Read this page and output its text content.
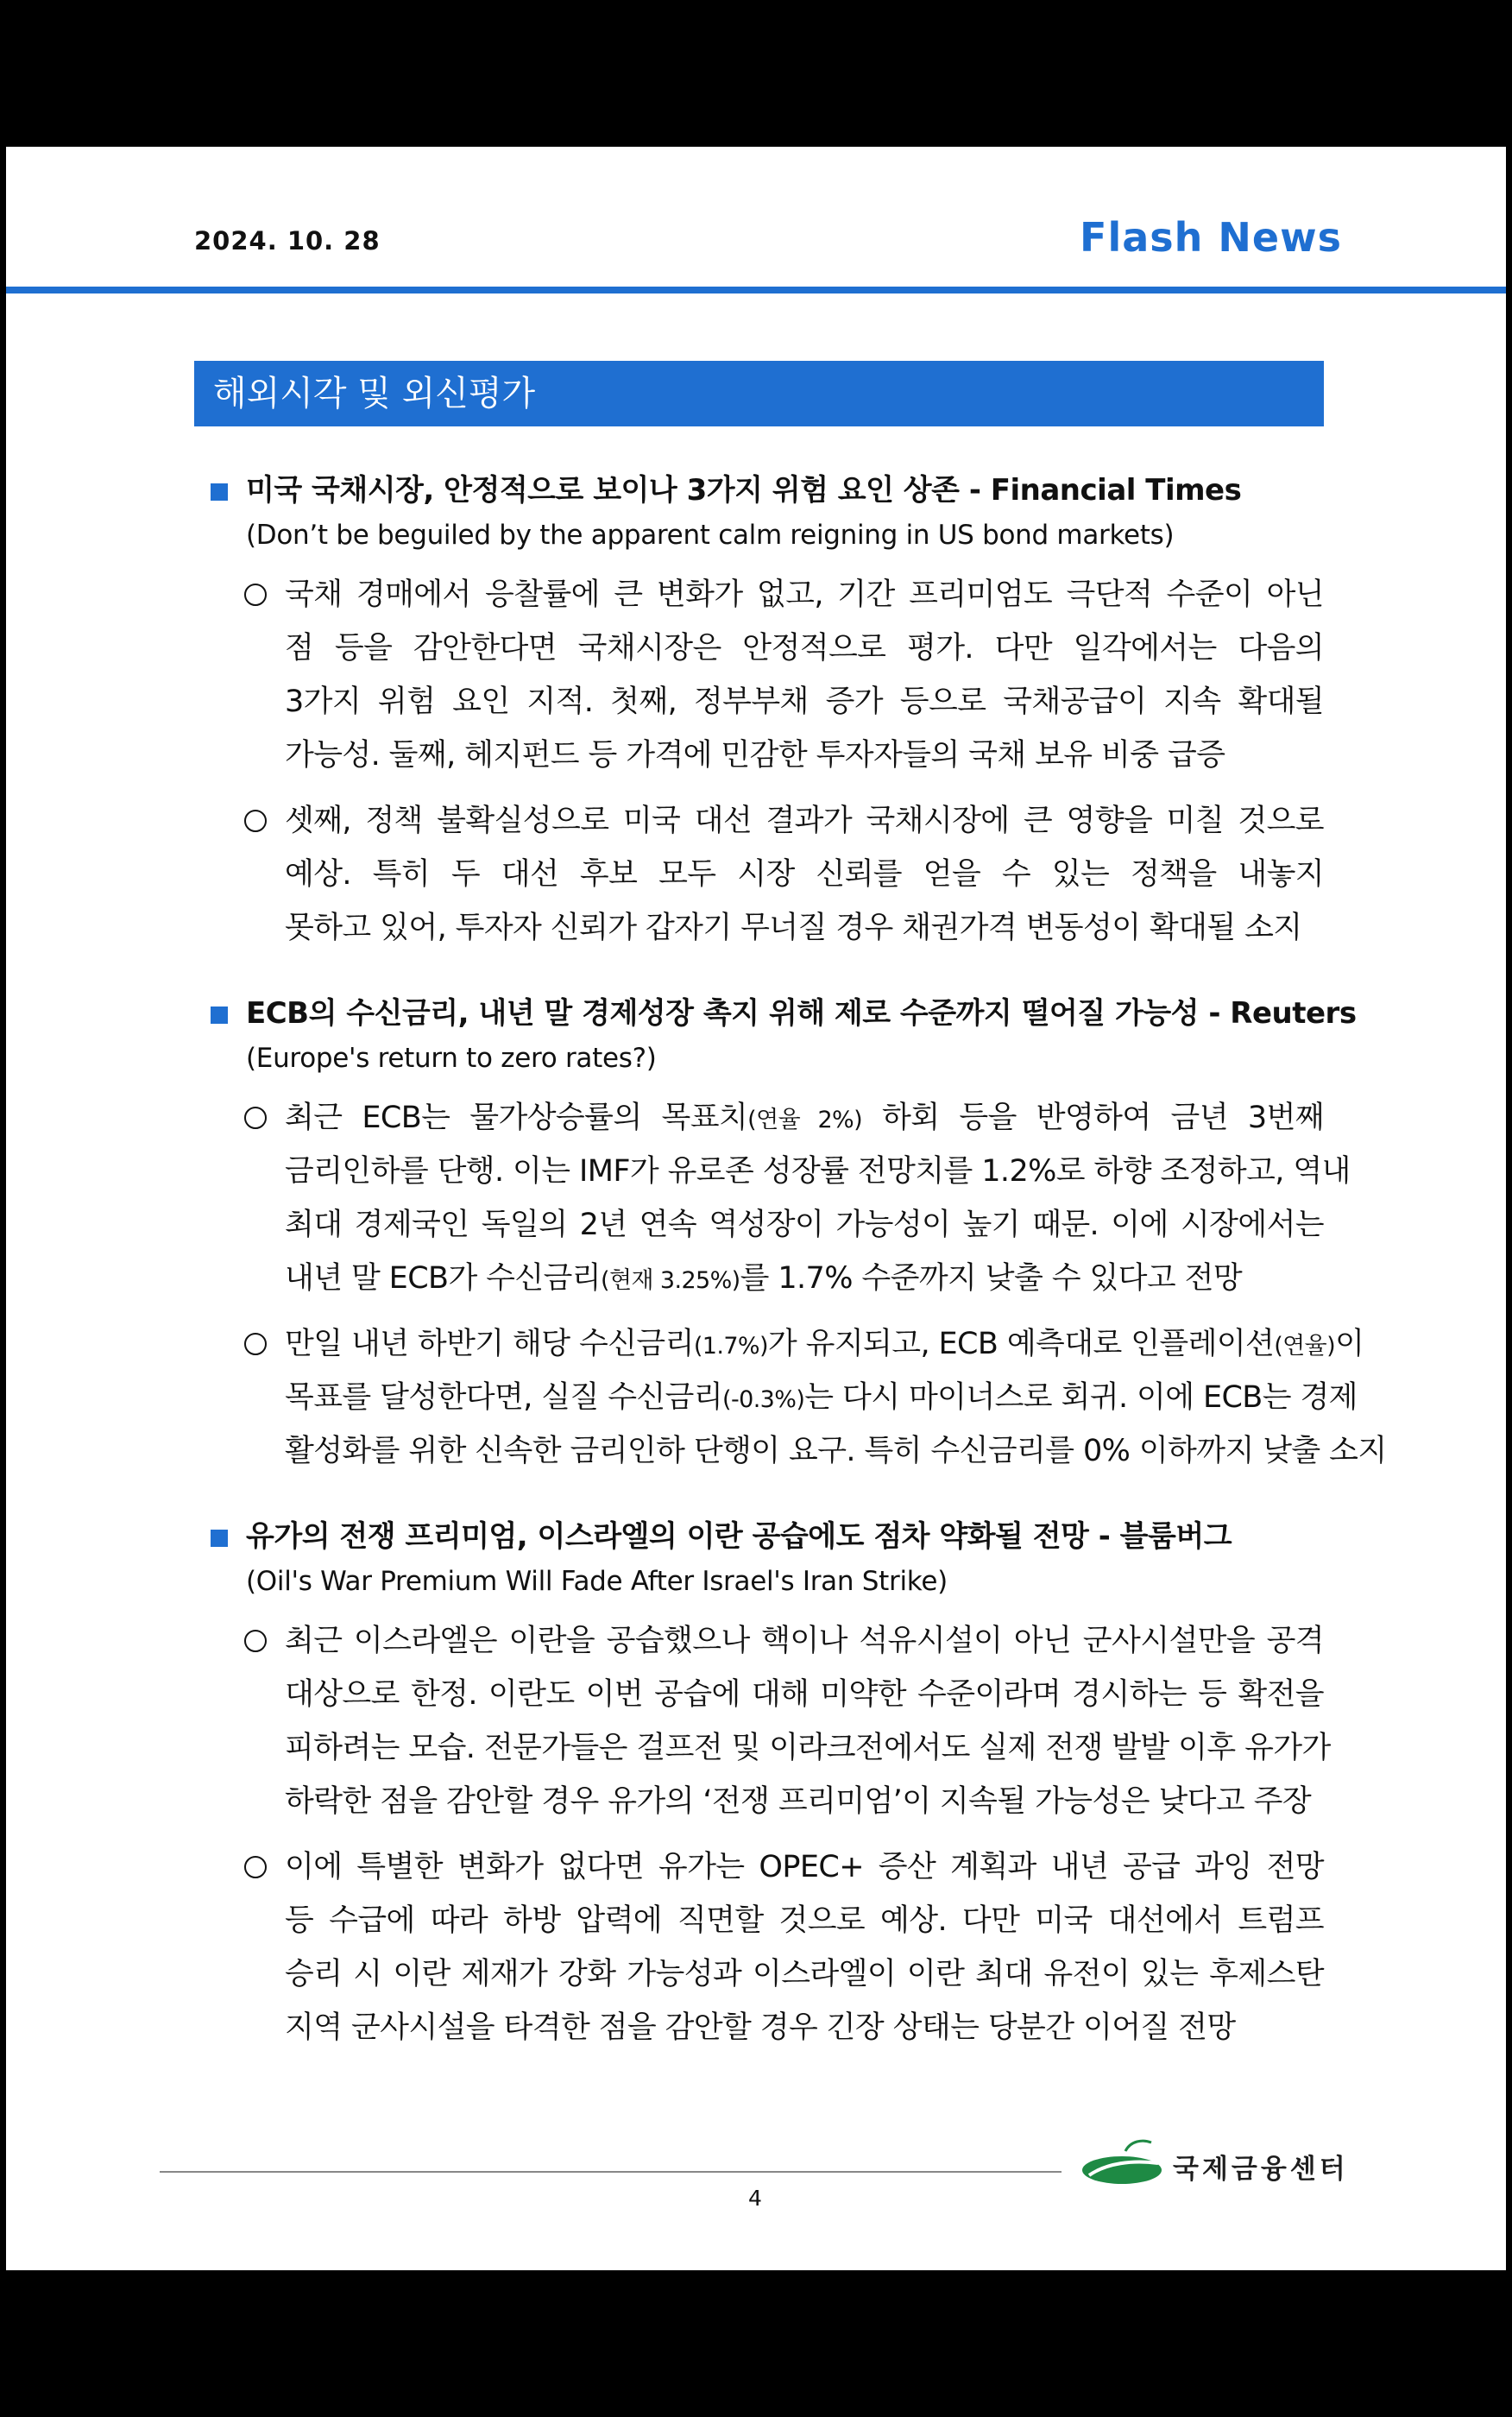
2024. 10. 28	Flash News
해외시각 및 외신평가
미국 국채시장, 안정적으로 보이나 3가지 위험 요인 상존 - Financial Times
(Don’t be beguiled by the apparent calm reigning in US bond markets)
국채 경매에서 응찰률에 큰 변화가 없고, 기간 프리미엄도 극단적 수준이 아닌
점 등을 감안한다면 국채시장은 안정적으로 평가. 다만 일각에서는 다음의
3가지 위험 요인 지적. 첫째, 정부부채 증가 등으로 국채공급이 지속 확대될
가능성. 둘째, 헤지펀드 등 가격에 민감한 투자자들의 국채 보유 비중 급증
셋째, 정책 불확실성으로 미국 대선 결과가 국채시장에 큰 영향을 미칠 것으로
예상. 특히 두 대선 후보 모두 시장 신뢰를 얻을 수 있는 정책을 내놓지
못하고 있어, 투자자 신뢰가 갑자기 무너질 경우 채권가격 변동성이 확대될 소지
ECB의 수신금리, 내년 말 경제성장 촉지 위해 제로 수준까지 떨어질 가능성 - Reuters
(Europe's return to zero rates?)
최근 ECB는 물가상승률의 목표치(연율 2%) 하회 등을 반영하여 금년 3번째
금리인하를 단행. 이는 IMF가 유로존 성장률 전망치를 1.2%로 하향 조정하고, 역내
최대 경제국인 독일의 2년 연속 역성장이 가능성이 높기 때문. 이에 시장에서는
내년 말 ECB가 수신금리(현재 3.25%)를 1.7% 수준까지 낮출 수 있다고 전망
만일 내년 하반기 해당 수신금리(1.7%)가 유지되고, ECB 예측대로 인플레이션(연율)이
목표를 달성한다면, 실질 수신금리(-0.3%)는 다시 마이너스로 회귀. 이에 ECB는 경제
활성화를 위한 신속한 금리인하 단행이 요구. 특히 수신금리를 0% 이하까지 낮출 소지
유가의 전쟁 프리미엄, 이스라엘의 이란 공습에도 점차 약화될 전망 - 블룸버그
(Oil's War Premium Will Fade After Israel's Iran Strike)
최근 이스라엘은 이란을 공습했으나 핵이나 석유시설이 아닌 군사시설만을 공격
대상으로 한정. 이란도 이번 공습에 대해 미약한 수준이라며 경시하는 등 확전을
피하려는 모습. 전문가들은 걸프전 및 이라크전에서도 실제 전쟁 발발 이후 유가가
하락한 점을 감안할 경우 유가의 ‘전쟁 프리미엄’이 지속될 가능성은 낮다고 주장
이에 특별한 변화가 없다면 유가는 OPEC+ 증산 계획과 내년 공급 과잉 전망
등 수급에 따라 하방 압력에 직면할 것으로 예상. 다만 미국 대선에서 트럼프
승리 시 이란 제재가 강화 가능성과 이스라엘이 이란 최대 유전이 있는 후제스탄
지역 군사시설을 타격한 점을 감안할 경우 긴장 상태는 당분간 이어질 전망
4
국제금융센터
